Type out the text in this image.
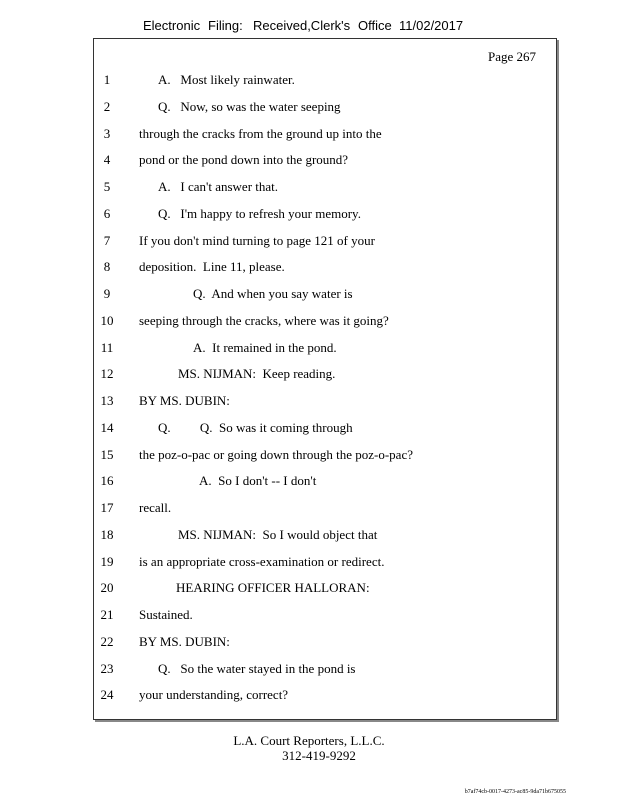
Electronic Filing: Received,Clerk's Office 11/02/2017
Page 267
1	A.   Most likely rainwater.
2	Q.   Now, so was the water seeping
3	through the cracks from the ground up into the
4	pond or the pond down into the ground?
5	A.   I can't answer that.
6	Q.   I'm happy to refresh your memory.
7	If you don't mind turning to page 121 of your
8	deposition.  Line 11, please.
9	Q.  And when you say water is
10	seeping through the cracks, where was it going?
11	A.  It remained in the pond.
12	MS. NIJMAN:  Keep reading.
13	BY MS. DUBIN:
14	Q.         Q.  So was it coming through
15	the poz-o-pac or going down through the poz-o-pac?
16	A.  So I don't -- I don't
17	recall.
18	MS. NIJMAN:  So I would object that
19	is an appropriate cross-examination or redirect.
20	HEARING OFFICER HALLORAN:
21	Sustained.
22	BY MS. DUBIN:
23	Q.   So the water stayed in the pond is
24	your understanding, correct?
L.A. Court Reporters, L.L.C.
312-419-9292
b7af74cb-0017-4273-ac85-9da71b675055
